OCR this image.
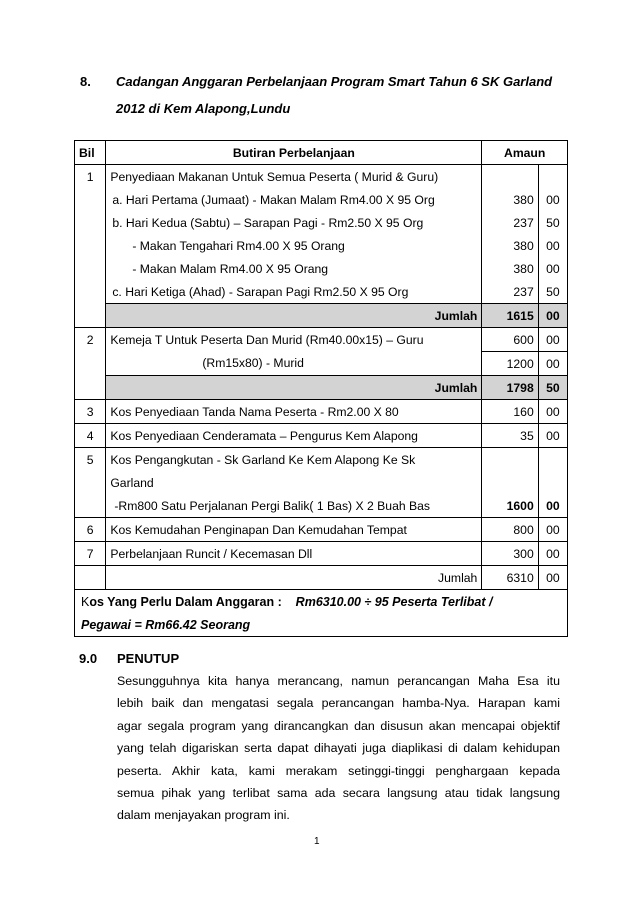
8. Cadangan Anggaran Perbelanjaan Program Smart Tahun 6 SK Garland
2012 di Kem Alapong,Lundu
Bil	Butiran Perbelanjaan	Amaun	
1	Penyediaan Makanan Untuk Semua Peserta ( Murid & Guru)		
	a. Hari Pertama (Jumaat) - Makan Malam Rm4.00 X 95 Org	380	00
	b. Hari Kedua (Sabtu) – Sarapan Pagi - Rm2.50 X 95 Org	237	50
	- Makan Tengahari Rm4.00 X 95 Orang	380	00
	- Makan Malam Rm4.00 X 95 Orang	380	00
	c. Hari Ketiga (Ahad) - Sarapan Pagi Rm2.50 X 95 Org	237	50
	Jumlah	1615	00
2	Kemeja T Untuk Peserta Dan Murid (Rm40.00x15) – Guru	600	00
	(Rm15x80) - Murid	1200	00
	Jumlah	1798	50
3	Kos Penyediaan Tanda Nama Peserta - Rm2.00 X 80	160	00
4	Kos Penyediaan Cenderamata – Pengurus Kem Alapong	35	00
5	Kos Pengangkutan - Sk Garland Ke Kem Alapong Ke Sk		
	Garland		
	-Rm800 Satu Perjalanan Pergi Balik( 1 Bas) X 2 Buah Bas	1600	00
6	Kos Kemudahan Penginapan Dan Kemudahan Tempat	800	00
7	Perbelanjaan Runcit / Kecemasan Dll	300	00
	Jumlah	6310	00
Kos Yang Perlu Dalam Anggaran : Rm6310.00 ÷ 95 Peserta Terlibat /			
Pegawai = Rm66.42 Seorang			
9.0 PENUTUP
Sesungguhnya kita hanya merancang, namun perancangan Maha Esa itu
lebih baik dan mengatasi segala perancangan hamba-Nya. Harapan kami
agar segala program yang dirancangkan dan disusun akan mencapai objektif
yang telah digariskan serta dapat dihayati juga diaplikasi di dalam kehidupan
peserta. Akhir kata, kami merakam setinggi-tinggi penghargaan kepada
semua pihak yang terlibat sama ada secara langsung atau tidak langsung
dalam menjayakan program ini.
1
